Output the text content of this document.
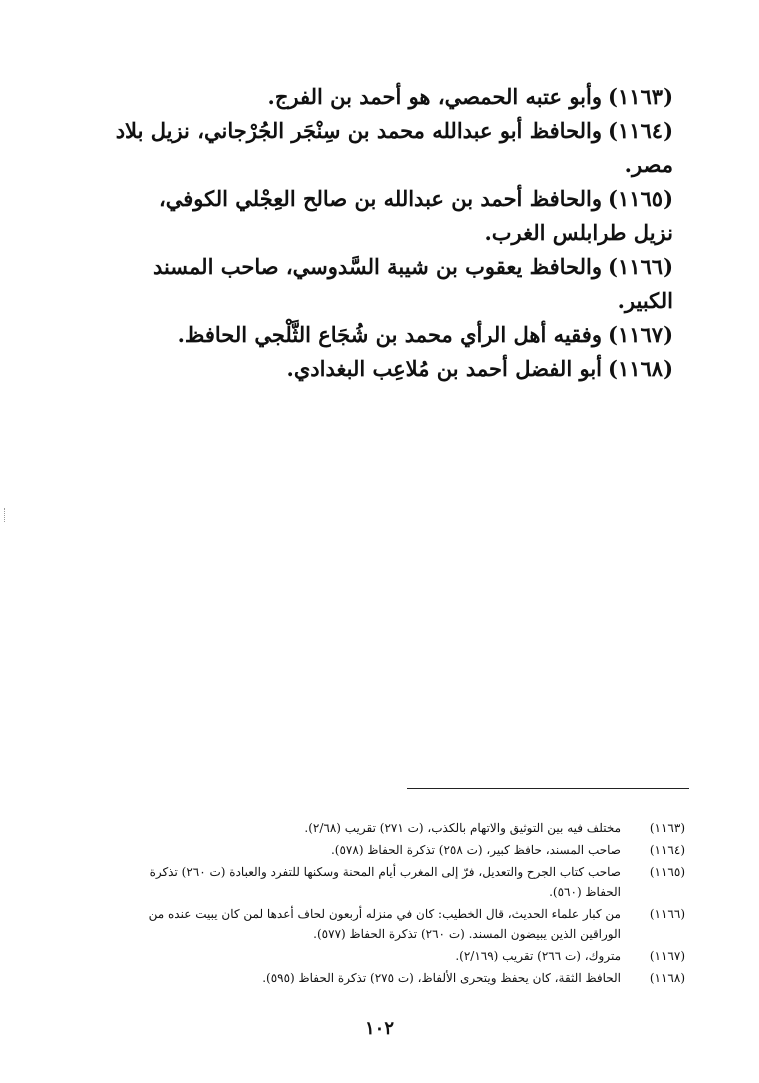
(١١٦٣)وأبو عتبه الحمصي، هو أحمد بن الفرج.

(١١٦٤)والحافظ أبو عبدالله محمد بن سِنْجَر الجُرْجاني، نزيل بلاد مصر.

(١١٦٥)والحافظ أحمد بن عبدالله بن صالح العِجْلي الكوفي، نزيل طرابلس الغرب.

(١١٦٦)والحافظ يعقوب بن شيبة السَّدوسي، صاحب المسند الكبير.

(١١٦٧)وفقيه أهل الرأي محمد بن شُجَاع الثَّلْجي الحافظ.

(١١٦٨)أبو الفضل أحمد بن مُلاعِب البغدادي.

(١١٦٣)
مختلف فيه بين التوثيق والاتهام بالكذب، (ت ٢٧١) تقريب (٢/٦٨).
(١١٦٤)
صاحب المسند، حافظ كبير، (ت ٢٥٨) تذكرة الحفاظ (٥٧٨).
(١١٦٥)
صاحب كتاب الجرح والتعديل، فرّ إلى المغرب أيام المحنة وسكنها للتفرد والعبادة (ت ٢٦٠) تذكرة الحفاظ (٥٦٠).
(١١٦٦)
من كبار علماء الحديث، قال الخطيب: كان في منزله أربعون لحاف أعدها لمن كان يبيت عنده من الوراقين الذين يبيضون المسند. (ت ٢٦٠) تذكرة الحفاظ (٥٧٧).
(١١٦٧)
متروك، (ت ٢٦٦) تقريب (٢/١٦٩).
(١١٦٨)
الحافظ الثقة، كان يحفظ ويتحرى الألفاظ، (ت ٢٧٥) تذكرة الحفاظ (٥٩٥).
١٠٢
